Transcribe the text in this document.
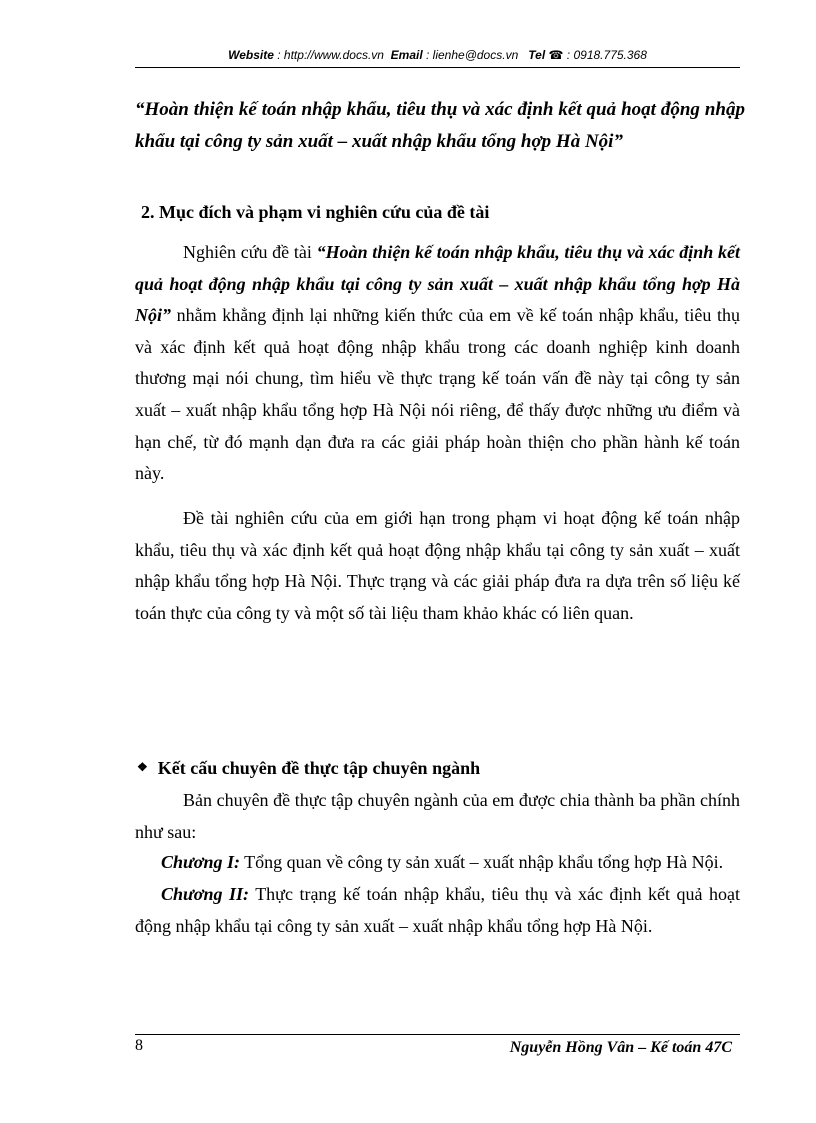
Website : http://www.docs.vn Email : lienhe@docs.vn Tel ☎ : 0918.775.368
“Hoàn thiện kế toán nhập khẩu, tiêu thụ và xác định kết quả hoạt động nhập khẩu tại công ty sản xuất – xuất nhập khẩu tổng hợp Hà Nội”
2. Mục đích và phạm vi nghiên cứu của đề tài

Nghiên cứu đề tài “Hoàn thiện kế toán nhập khẩu, tiêu thụ và xác định kết quả hoạt động nhập khẩu tại công ty sản xuất – xuất nhập khẩu tổng hợp Hà Nội” nhằm khẳng định lại những kiến thức của em về kế toán nhập khẩu, tiêu thụ và xác định kết quả hoạt động nhập khẩu trong các doanh nghiệp kinh doanh thương mại nói chung, tìm hiểu về thực trạng kế toán vấn đề này tại công ty sản xuất – xuất nhập khẩu tổng hợp Hà Nội nói riêng, để thấy được những ưu điểm và hạn chế, từ đó mạnh dạn đưa ra các giải pháp hoàn thiện cho phần hành kế toán này.

Đề tài nghiên cứu của em giới hạn trong phạm vi hoạt động kế toán nhập khẩu, tiêu thụ và xác định kết quả hoạt động nhập khẩu tại công ty sản xuất – xuất nhập khẩu tổng hợp Hà Nội. Thực trạng và các giải pháp đưa ra dựa trên số liệu kế toán thực của công ty và một số tài liệu tham khảo khác có liên quan.

❖ Kết cấu chuyên đề thực tập chuyên ngành

Bản chuyên đề thực tập chuyên ngành của em được chia thành ba phần chính như sau:

Chương I: Tổng quan về công ty sản xuất – xuất nhập khẩu tổng hợp Hà Nội.

Chương II: Thực trạng kế toán nhập khẩu, tiêu thụ và xác định kết quả hoạt động nhập khẩu tại công ty sản xuất – xuất nhập khẩu tổng hợp Hà Nội.

8	Nguyễn Hồng Vân – Kế toán 47C
